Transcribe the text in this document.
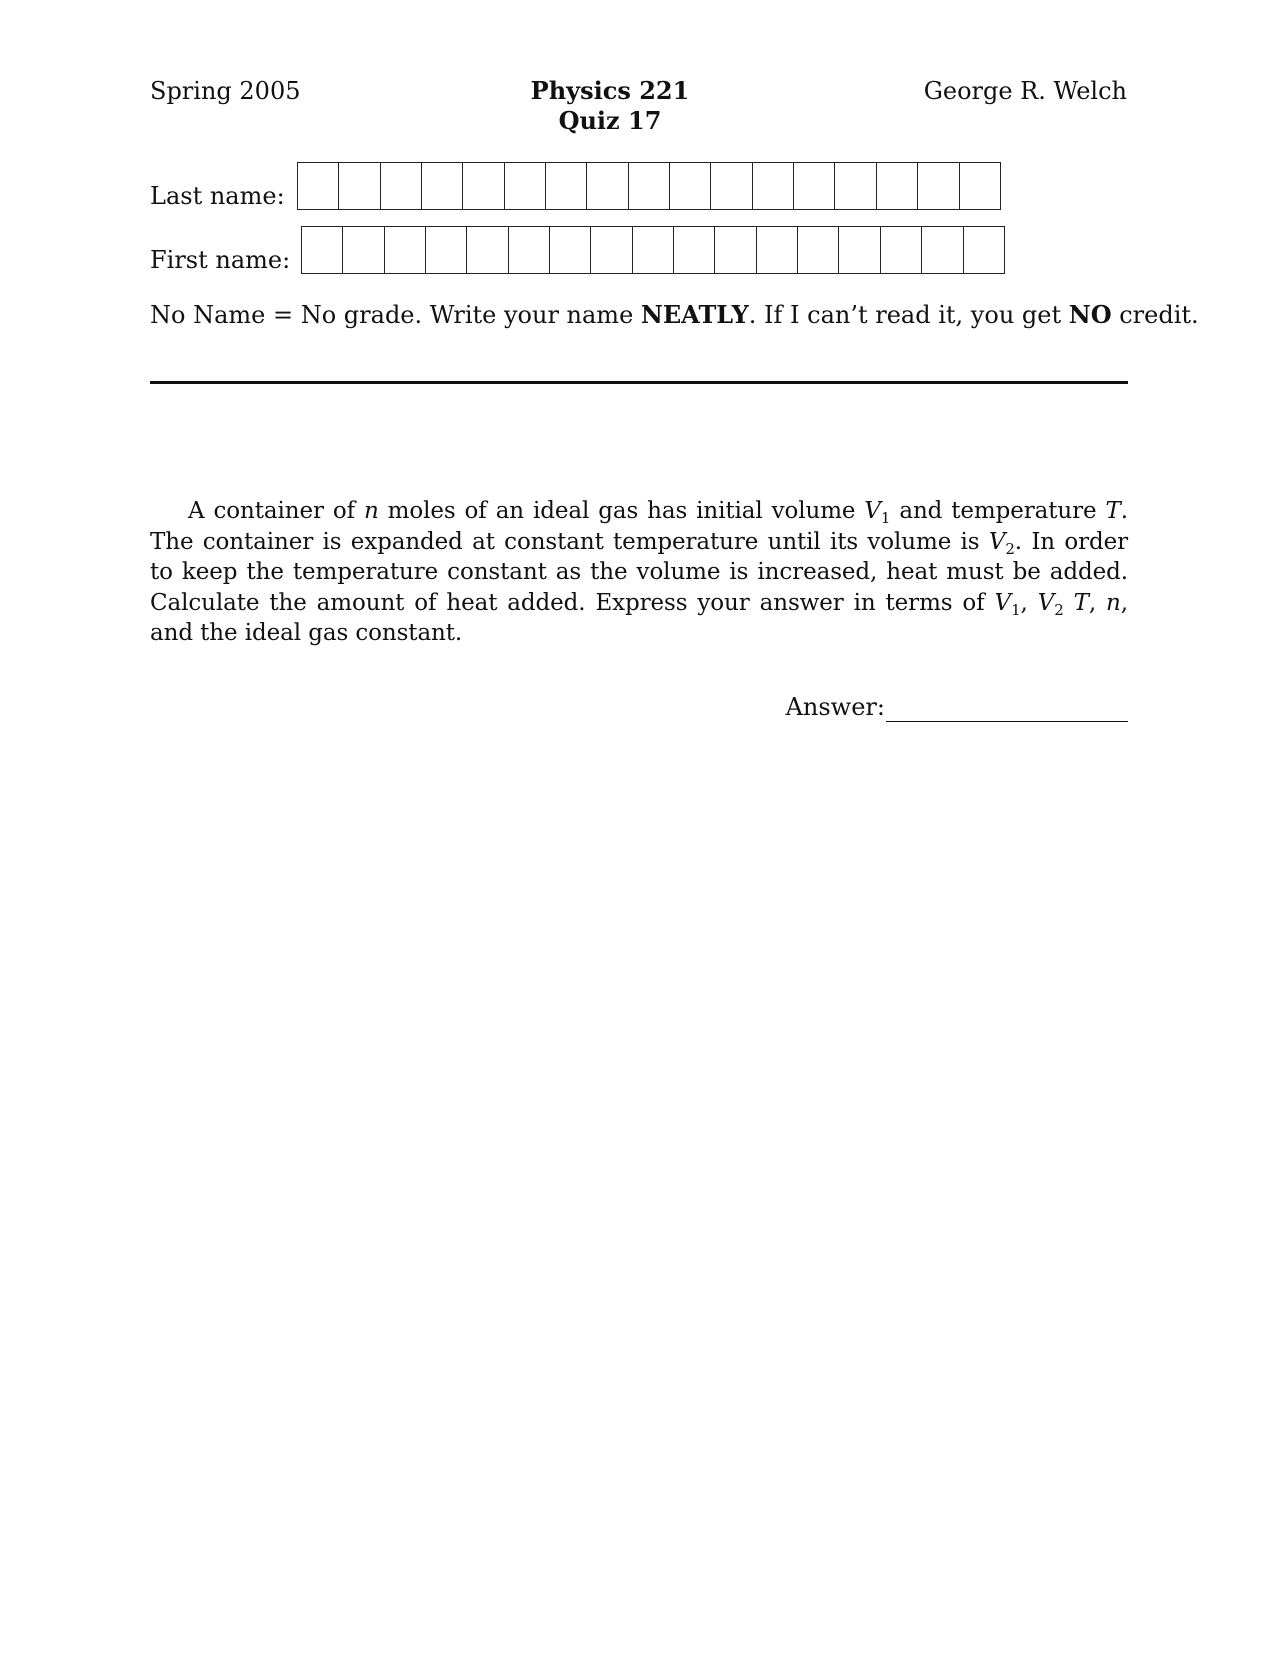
Spring 2005	Physics 221
Quiz 17
George R. Welch
Last name:
First name:
No Name = No grade. Write your name NEATLY. If I can’t read it, you get NO credit.
A container of n moles of an ideal gas has initial volume $V_1$ and temperature T. The container is expanded at constant temperature until its volume is $V_2$. In order to keep the temperature constant as the volume is increased, heat must be added. Calculate the amount of heat added. Express your answer in terms of $V_1$, $V_2$ T, n, and the ideal gas constant.
Answer:
